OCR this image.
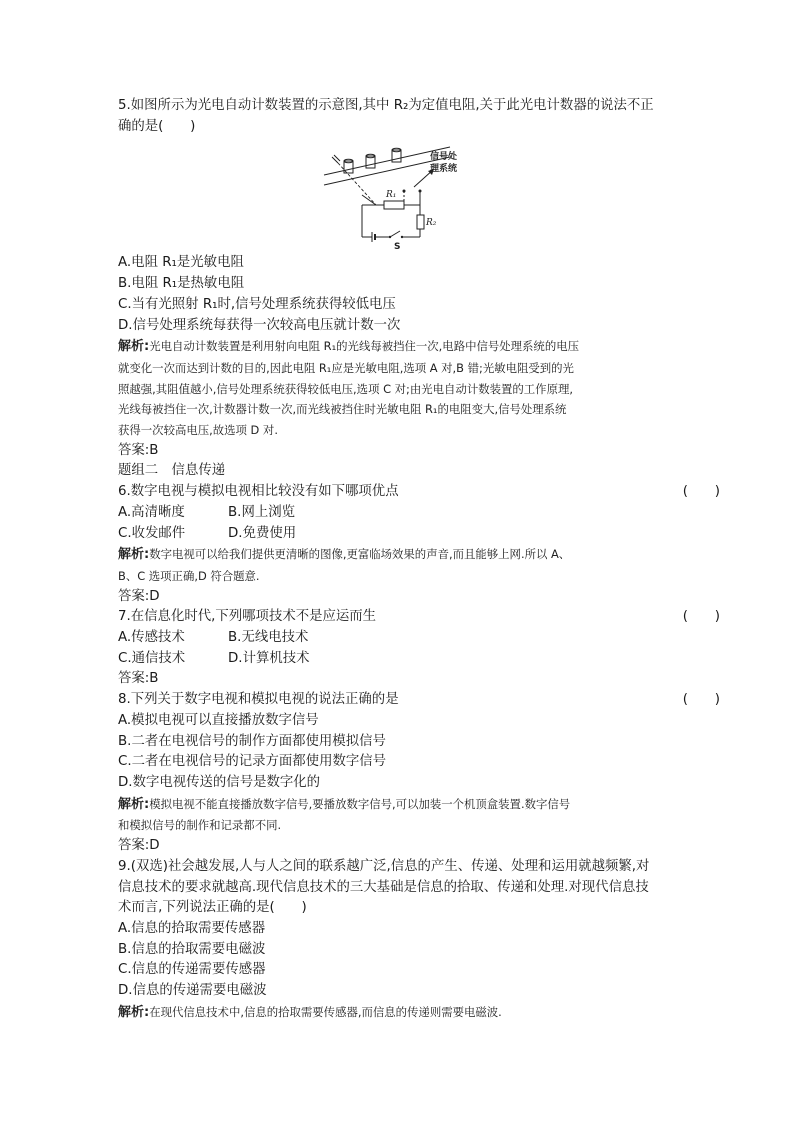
5.如图所示为光电自动计数装置的示意图,其中 R₂为定值电阻,关于此光电计数器的说法不正
确的是(　　)
信号处
理系统
R₁
R₂
S
A.电阻 R₁是光敏电阻
B.电阻 R₁是热敏电阻
C.当有光照射 R₁时,信号处理系统获得较低电压
D.信号处理系统每获得一次较高电压就计数一次
解析:光电自动计数装置是利用射向电阻 R₁的光线每被挡住一次,电路中信号处理系统的电压
就变化一次而达到计数的目的,因此电阻 R₁应是光敏电阻,选项 A 对,B 错;光敏电阻受到的光
照越强,其阻值越小,信号处理系统获得较低电压,选项 C 对;由光电自动计数装置的工作原理,
光线每被挡住一次,计数器计数一次,而光线被挡住时光敏电阻 R₁的电阻变大,信号处理系统
获得一次较高电压,故选项 D 对.
答案:B
题组二　信息传递
6.数字电视与模拟电视相比较没有如下哪项优点	(　　)
A.高清晰度	B.网上浏览
C.收发邮件	D.免费使用
解析:数字电视可以给我们提供更清晰的图像,更富临场效果的声音,而且能够上网.所以 A、
B、C 选项正确,D 符合题意.
答案:D
7.在信息化时代,下列哪项技术不是应运而生	(　　)
A.传感技术	B.无线电技术
C.通信技术	D.计算机技术
答案:B
8.下列关于数字电视和模拟电视的说法正确的是	(　　)
A.模拟电视可以直接播放数字信号
B.二者在电视信号的制作方面都使用模拟信号
C.二者在电视信号的记录方面都使用数字信号
D.数字电视传送的信号是数字化的
解析:模拟电视不能直接播放数字信号,要播放数字信号,可以加装一个机顶盒装置.数字信号
和模拟信号的制作和记录都不同.
答案:D
9.(双选)社会越发展,人与人之间的联系越广泛,信息的产生、传递、处理和运用就越频繁,对
信息技术的要求就越高.现代信息技术的三大基础是信息的拾取、传递和处理.对现代信息技
术而言,下列说法正确的是(　　)
A.信息的拾取需要传感器
B.信息的拾取需要电磁波
C.信息的传递需要传感器
D.信息的传递需要电磁波
解析:在现代信息技术中,信息的拾取需要传感器,而信息的传递则需要电磁波.
